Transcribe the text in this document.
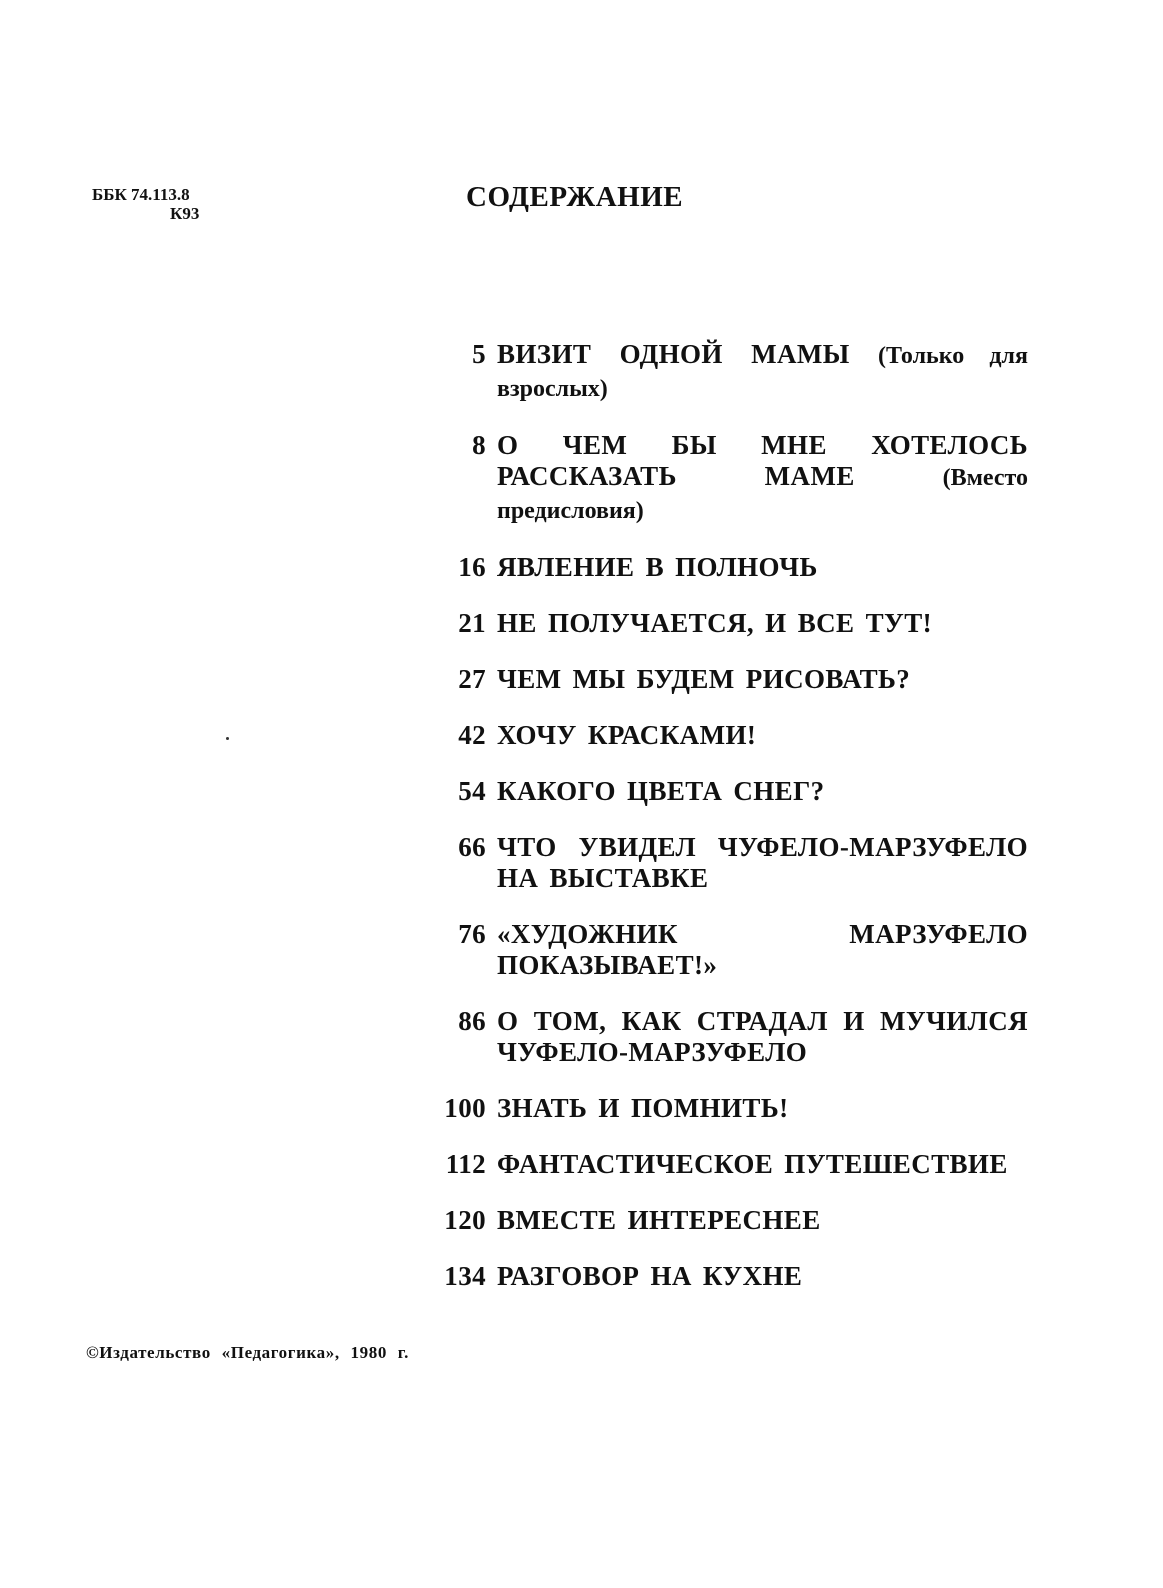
ББК 74.113.8
К93
СОДЕРЖАНИЕ
5 ВИЗИТ ОДНОЙ МАМЫ (Только для взрослых)
8 О ЧЕМ БЫ МНЕ ХОТЕЛОСЬ РАССКАЗАТЬ МАМЕ	(Вместо предисловия)
16 ЯВЛЕНИЕ В ПОЛНОЧЬ
21 НЕ ПОЛУЧАЕТСЯ, И ВСЕ ТУТ!
27 ЧЕМ МЫ БУДЕМ РИСОВАТЬ?
42 ХОЧУ КРАСКАМИ!
54 КАКОГО ЦВЕТА СНЕГ?
66 ЧТО УВИДЕЛ ЧУФЕЛО-МАРЗУФЕЛО НА ВЫСТАВКЕ
76 «ХУДОЖНИК МАРЗУФЕЛО ПОКАЗЫВАЕТ!»
86 О ТОМ, КАК СТРАДАЛ И МУЧИЛСЯ ЧУФЕЛО-МАРЗУФЕЛО
100 ЗНАТЬ И ПОМНИТЬ!
112 ФАНТАСТИЧЕСКОЕ ПУТЕШЕСТВИЕ
120 ВМЕСТЕ ИНТЕРЕСНЕЕ
134 РАЗГОВОР НА КУХНЕ
©Издательство «Педагогика», 1980 г.
